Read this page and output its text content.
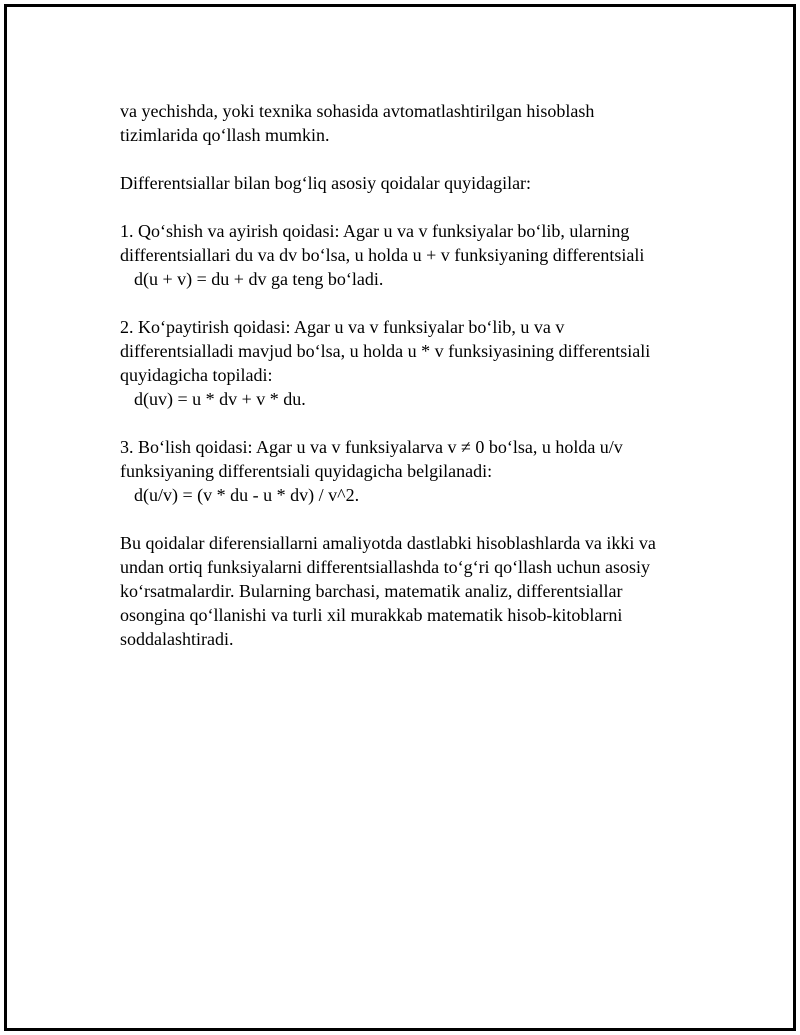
va yechishda, yoki texnika sohasida avtomatlashtirilgan hisoblash
tizimlarida qo‘llash mumkin.

Differentsiallar bilan bog‘liq asosiy qoidalar quyidagilar:

1. Qo‘shish va ayirish qoidasi: Agar u va v funksiyalar bo‘lib, ularning
differentsiallari du va dv bo‘lsa, u holda u + v funksiyaning differentsiali
d(u + v) = du + dv ga teng bo‘ladi.

2. Ko‘paytirish qoidasi: Agar u va v funksiyalar bo‘lib, u va v
differentsialladi mavjud bo‘lsa, u holda u * v funksiyasining differentsiali
quyidagicha topiladi:
d(uv) = u * dv + v * du.

3. Bo‘lish qoidasi: Agar u va v funksiyalarva v ≠ 0 bo‘lsa, u holda u/v
funksiyaning differentsiali quyidagicha belgilanadi:
d(u/v) = (v * du - u * dv) / v^2.

Bu qoidalar diferensiallarni amaliyotda dastlabki hisoblashlarda va ikki va
undan ortiq funksiyalarni differentsiallashda to‘g‘ri qo‘llash uchun asosiy
ko‘rsatmalardir. Bularning barchasi, matematik analiz, differentsiallar
osongina qo‘llanishi va turli xil murakkab matematik hisob-kitoblarni
soddalashtiradi.
